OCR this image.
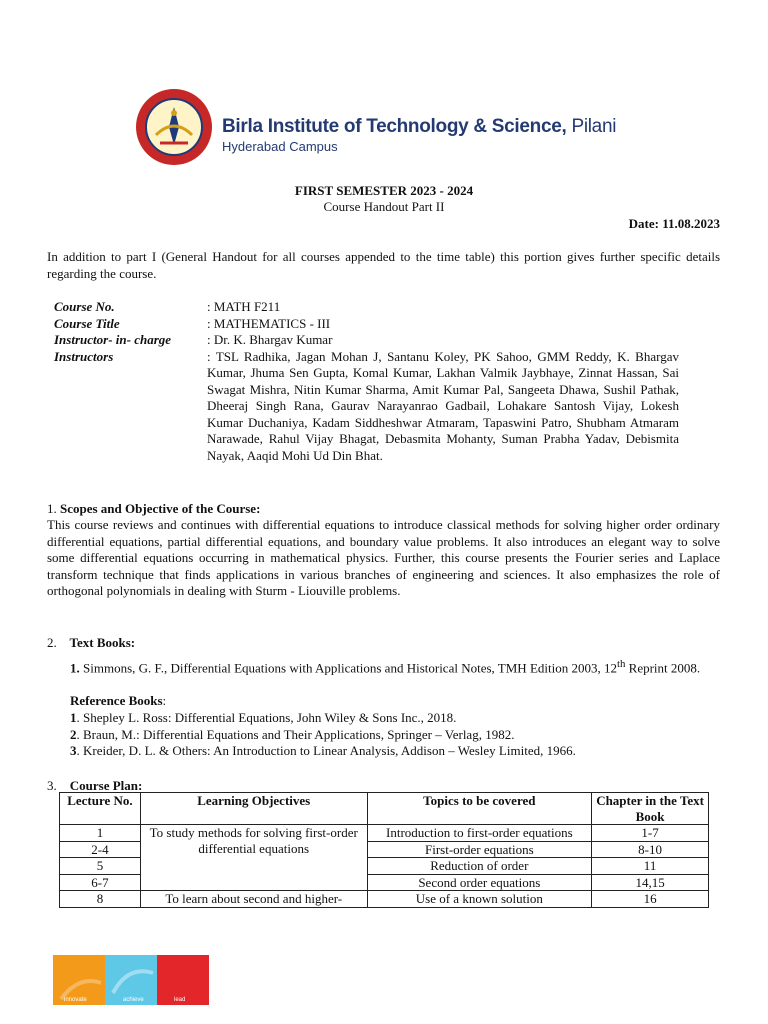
Birla Institute of Technology & Science, Pilani
Hyderabad Campus
FIRST SEMESTER 2023 - 2024
Course Handout Part II
Date: 11.08.2023
In addition to part I (General Handout for all courses appended to the time table) this portion gives further specific details regarding the course.
Course No.	: MATH F211
Course Title	: MATHEMATICS - III
Instructor- in- charge	: Dr. K. Bhargav Kumar
Instructors	: TSL Radhika, Jagan Mohan J, Santanu Koley, PK Sahoo, GMM Reddy, K. Bhargav Kumar, Jhuma Sen Gupta, Komal Kumar, Lakhan Valmik Jaybhaye, Zinnat Hassan, Sai Swagat Mishra, Nitin Kumar Sharma, Amit Kumar Pal, Sangeeta Dhawa, Sushil Pathak, Dheeraj Singh Rana, Gaurav Narayanrao Gadbail, Lohakare Santosh Vijay, Lokesh Kumar Duchaniya, Kadam Siddheshwar Atmaram, Tapaswini Patro, Shubham Atmaram Narawade, Rahul Vijay Bhagat, Debasmita Mohanty, Suman Prabha Yadav, Debismita Nayak, Aaqid Mohi Ud Din Bhat.
1. Scopes and Objective of the Course:
This course reviews and continues with differential equations to introduce classical methods for solving higher order ordinary differential equations, partial differential equations, and boundary value problems. It also introduces an elegant way to solve some differential equations occurring in mathematical physics. Further, this course presents the Fourier series and Laplace transform technique that finds applications in various branches of engineering and sciences. It also emphasizes the role of orthogonal polynomials in dealing with Sturm - Liouville problems.
2. Text Books:
1. Simmons, G. F., Differential Equations with Applications and Historical Notes, TMH Edition 2003, 12th Reprint 2008.
Reference Books:
1. Shepley L. Ross: Differential Equations, John Wiley & Sons Inc., 2018.
2. Braun, M.: Differential Equations and Their Applications, Springer – Verlag, 1982.
3. Kreider, D. L. & Others: An Introduction to Linear Analysis, Addison – Wesley Limited, 1966.
3. Course Plan:
Lecture No.	Learning Objectives	Topics to be covered	Chapter in the Text Book
1	To study methods for solving first-order differential equations	Introduction to first-order equations	1-7
2-4		First-order equations	8-10
5		Reduction of order	11
6-7		Second order equations	14,15
8	To learn about second and higher-	Use of a known solution	16
innovate	achieve	lead
